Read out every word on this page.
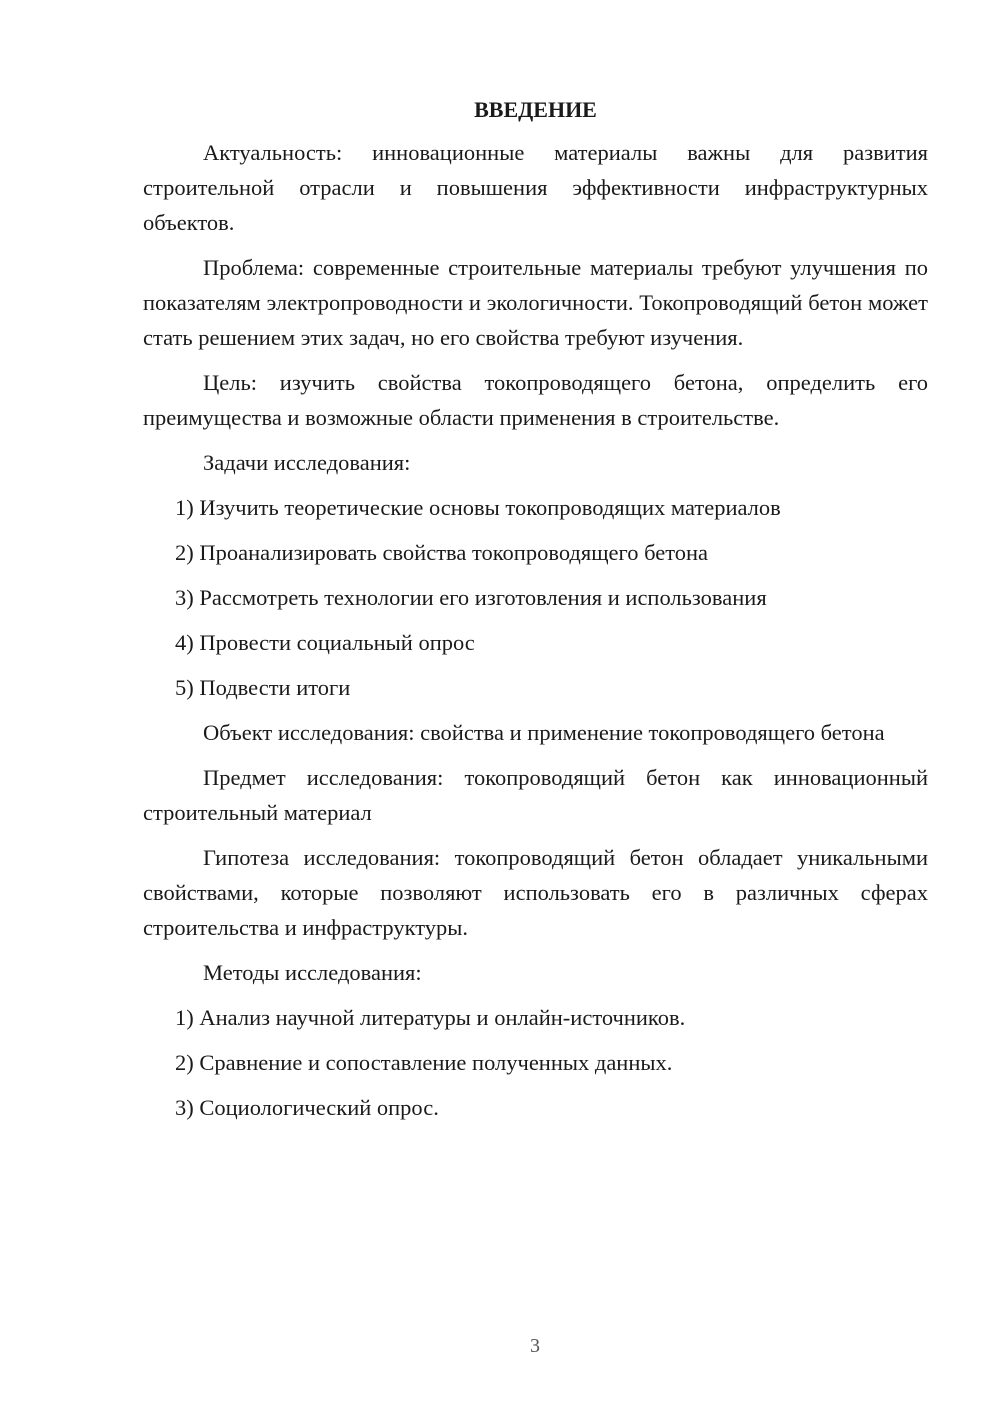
ВВЕДЕНИЕ

Актуальность: инновационные материалы важны для развития строительной отрасли и повышения эффективности инфраструктурных объектов.

Проблема: современные строительные материалы требуют улучшения по показателям электропроводности и экологичности. Токопроводящий бетон может стать решением этих задач, но его свойства требуют изучения.

Цель: изучить свойства токопроводящего бетона, определить его преимущества и возможные области применения в строительстве.

Задачи исследования:

1) Изучить теоретические основы токопроводящих материалов
2) Проанализировать свойства токопроводящего бетона
3) Рассмотреть технологии его изготовления и использования
4) Провести социальный опрос
5) Подвести итоги

Объект исследования: свойства и применение токопроводящего бетона

Предмет исследования: токопроводящий бетон как инновационный строительный материал

Гипотеза исследования: токопроводящий бетон обладает уникальными свойствами, которые позволяют использовать его в различных сферах строительства и инфраструктуры.

Методы исследования:

1) Анализ научной литературы и онлайн-источников.
2) Сравнение и сопоставление полученных данных.
3) Социологический опрос.
3
